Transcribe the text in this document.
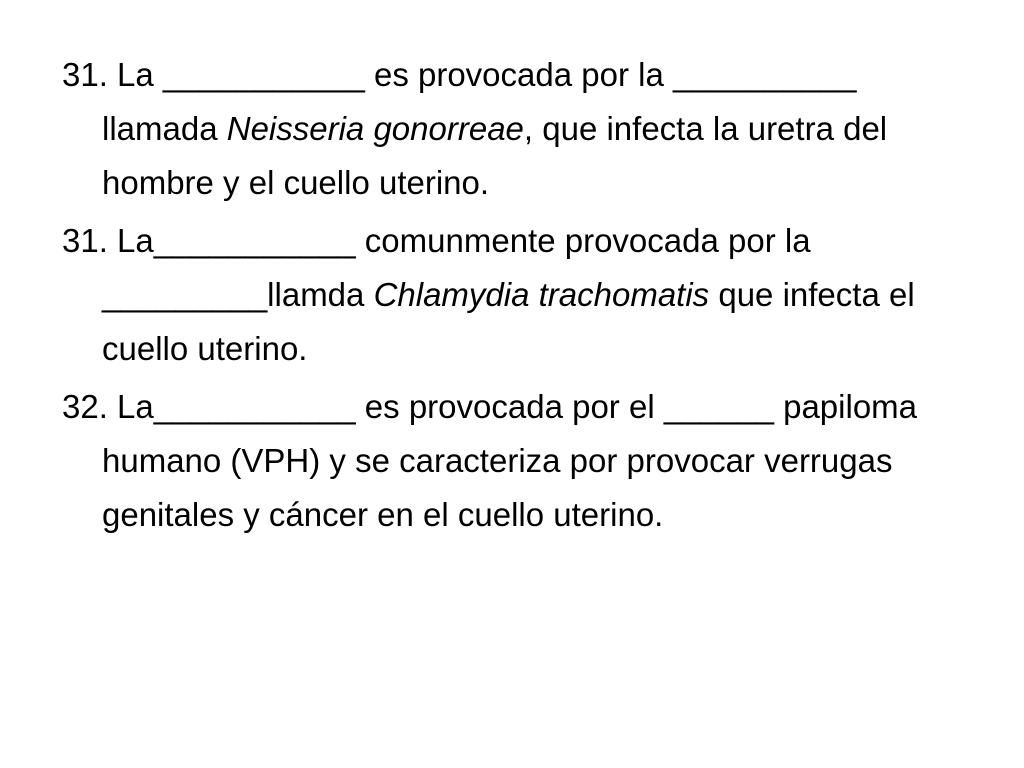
31. La ___________ es provocada por la __________ llamada Neisseria gonorreae, que infecta la uretra del hombre y el cuello uterino.

31. La___________ comunmente provocada por la _________llamda Chlamydia trachomatis que infecta el cuello uterino.

32. La___________ es provocada por el ______ papiloma humano (VPH) y se caracteriza por provocar verrugas genitales y cáncer en el cuello uterino.
